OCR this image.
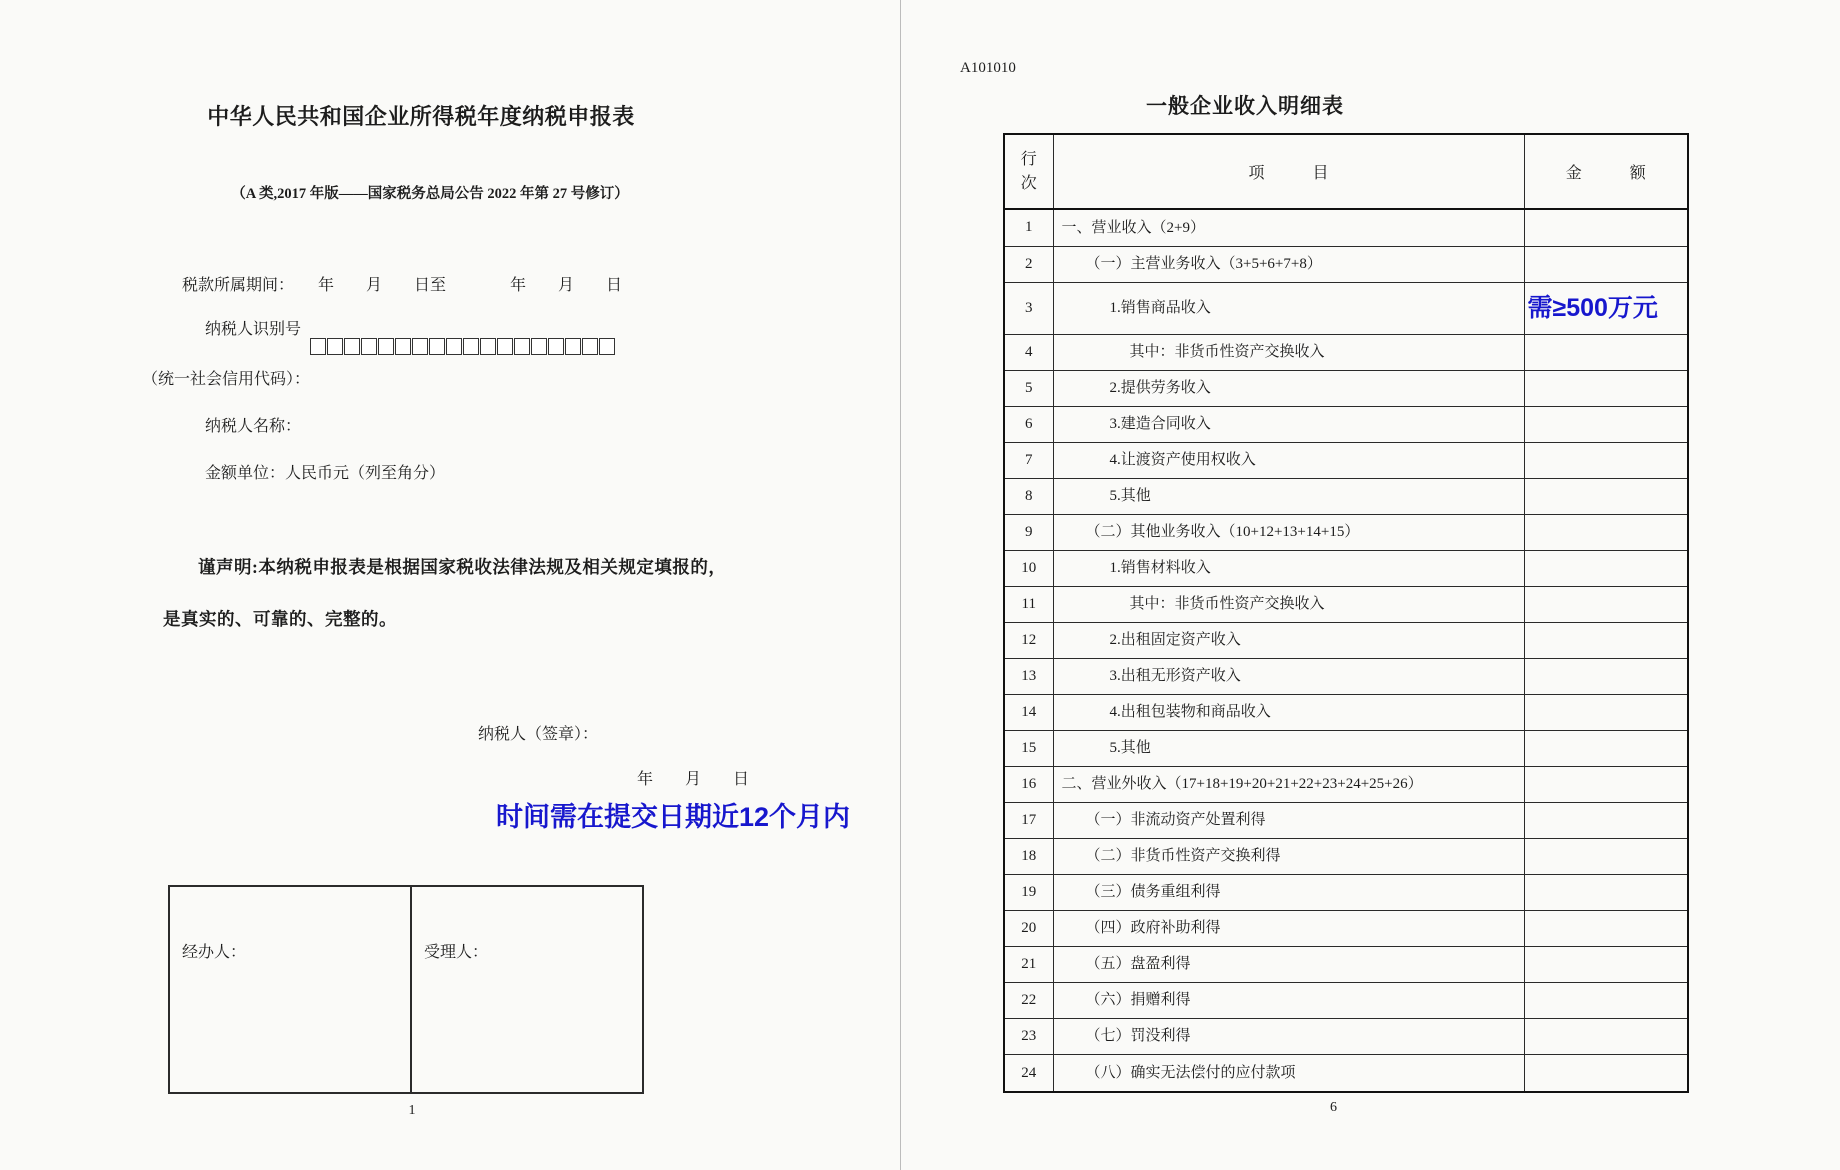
中华人民共和国企业所得税年度纳税申报表
（A 类,2017 年版——国家税务总局公告 2022 年第 27 号修订）
税款所属期间：　　年　　月　　日至　　　　年　　月　　日
纳税人识别号
（统一社会信用代码）：
纳税人名称：
金额单位：人民币元（列至角分）
谨声明:本纳税申报表是根据国家税收法律法规及相关规定填报的，
是真实的、可靠的、完整的。
纳税人（签章）：
年　　月　　日
时间需在提交日期近12个月内
经办人：	受理人：
1
A101010
一般企业收入明细表
行次	项　　　目	金　　　额
1	一、营业收入（2+9）	

2	（一）主营业务收入（3+5+6+7+8）	

3	1.销售商品收入	需≥500万元

4	其中：非货币性资产交换收入	

5	2.提供劳务收入	

6	3.建造合同收入	

7	4.让渡资产使用权收入	

8	5.其他	

9	（二）其他业务收入（10+12+13+14+15）	

10	1.销售材料收入	

11	其中：非货币性资产交换收入	

12	2.出租固定资产收入	

13	3.出租无形资产收入	

14	4.出租包装物和商品收入	

15	5.其他	

16	二、营业外收入（17+18+19+20+21+22+23+24+25+26）	

17	（一）非流动资产处置利得	

18	（二）非货币性资产交换利得	

19	（三）债务重组利得	

20	（四）政府补助利得	

21	（五）盘盈利得	

22	（六）捐赠利得	

23	（七）罚没利得	

24	（八）确实无法偿付的应付款项	

6
